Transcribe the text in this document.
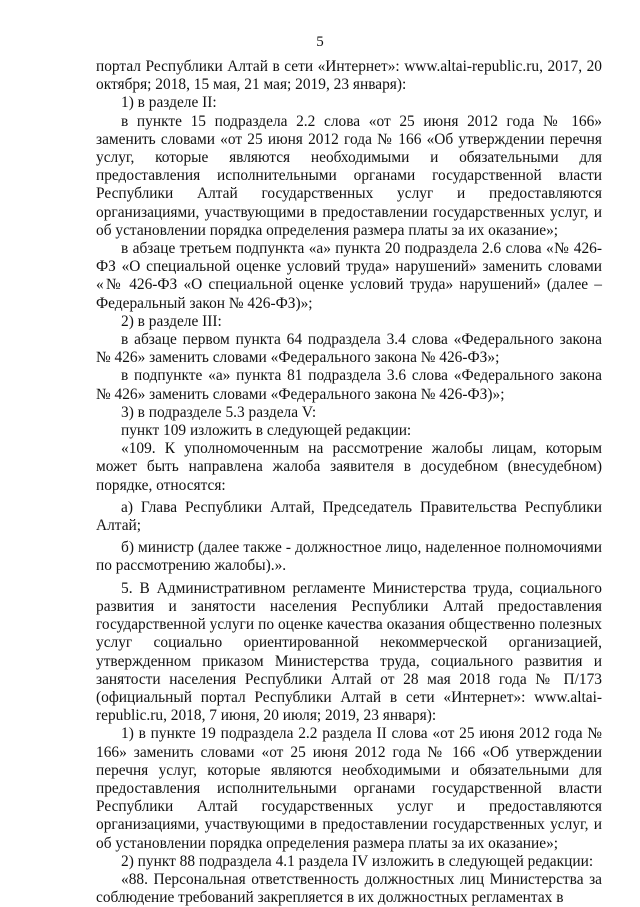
5

портал Республики Алтай в сети «Интернет»: www.altai-republic.ru, 2017, 20 октября; 2018, 15 мая, 21 мая; 2019, 23 января):

1) в разделе II:

в пункте 15 подраздела 2.2 слова «от 25 июня 2012 года № 166» заменить словами «от 25 июня 2012 года № 166 «Об утверждении перечня услуг, которые являются необходимыми и обязательными для предоставления исполнительными органами государственной власти Республики Алтай государственных услуг и предоставляются организациями, участвующими в предоставлении государственных услуг, и об установлении порядка определения размера платы за их оказание»;

в абзаце третьем подпункта «а» пункта 20 подраздела 2.6 слова «№ 426-ФЗ «О специальной оценке условий труда» нарушений» заменить словами «№ 426-ФЗ «О специальной оценке условий труда» нарушений» (далее – Федеральный закон № 426-ФЗ)»;

2) в разделе III:

в абзаце первом пункта 64 подраздела 3.4 слова «Федерального закона № 426» заменить словами «Федерального закона № 426-ФЗ»;

в подпункте «а» пункта 81 подраздела 3.6 слова «Федерального закона № 426» заменить словами «Федерального закона № 426-ФЗ)»;

3) в подразделе 5.3 раздела V:

пункт 109 изложить в следующей редакции:

«109. К уполномоченным на рассмотрение жалобы лицам, которым может быть направлена жалоба заявителя в досудебном (внесудебном) порядке, относятся:

а) Глава Республики Алтай, Председатель Правительства Республики Алтай;

б) министр (далее также - должностное лицо, наделенное полномочиями по рассмотрению жалобы).».

5. В Административном регламенте Министерства труда, социального развития и занятости населения Республики Алтай предоставления государственной услуги по оценке качества оказания общественно полезных услуг социально ориентированной некоммерческой организацией, утвержденном приказом Министерства труда, социального развития и занятости населения Республики Алтай от 28 мая 2018 года № П/173 (официальный портал Республики Алтай в сети «Интернет»: www.altai-republic.ru, 2018, 7 июня, 20 июля; 2019, 23 января):

1) в пункте 19 подраздела 2.2 раздела II слова «от 25 июня 2012 года № 166» заменить словами «от 25 июня 2012 года № 166 «Об утверждении перечня услуг, которые являются необходимыми и обязательными для предоставления исполнительными органами государственной власти Республики Алтай государственных услуг и предоставляются организациями, участвующими в предоставлении государственных услуг, и об установлении порядка определения размера платы за их оказание»;

2) пункт 88 подраздела 4.1 раздела IV изложить в следующей редакции:

«88. Персональная ответственность должностных лиц Министерства за соблюдение требований закрепляется в их должностных регламентах в
